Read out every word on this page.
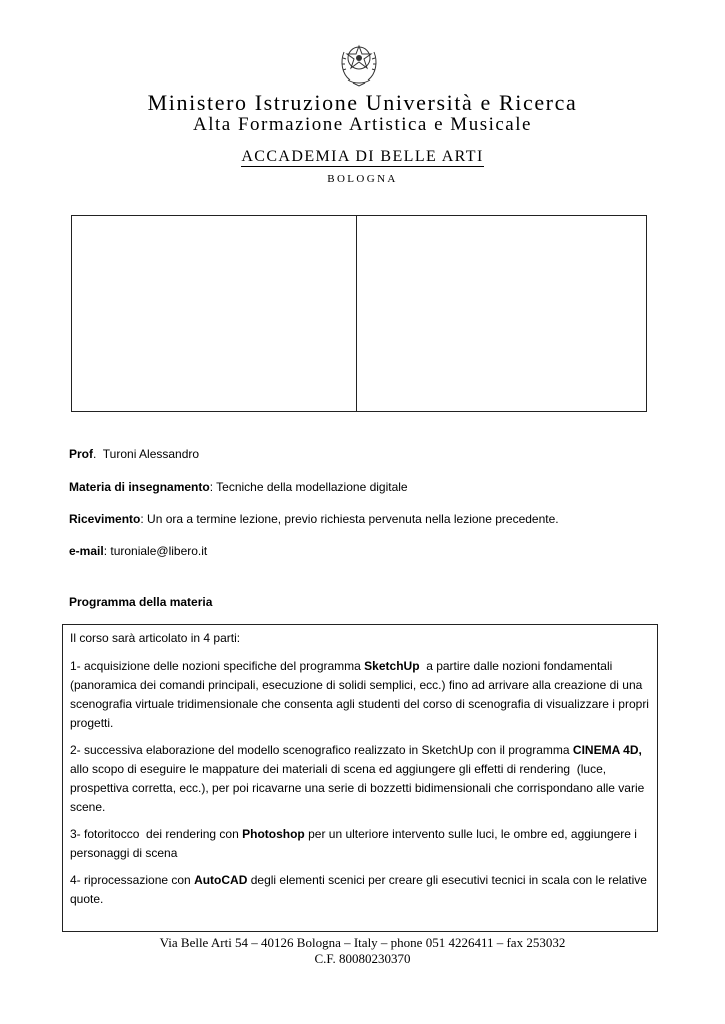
Ministero Istruzione Università e Ricerca
Alta Formazione Artistica e Musicale
ACCADEMIA DI BELLE ARTI
BOLOGNA
Prof.  Turoni Alessandro
Materia di insegnamento: Tecniche della modellazione digitale
Ricevimento: Un ora a termine lezione, previo richiesta pervenuta nella lezione precedente.
e-mail: turoniale@libero.it
Programma della materia

Il corso sarà articolato in 4 parti:

1- acquisizione delle nozioni specifiche del programma SketchUp  a partire dalle nozioni fondamentali (panoramica dei comandi principali, esecuzione di solidi semplici, ecc.) fino ad arrivare alla creazione di una scenografia virtuale tridimensionale che consenta agli studenti del corso di scenografia di visualizzare i propri progetti.

2- successiva elaborazione del modello scenografico realizzato in SketchUp con il programma CINEMA 4D, allo scopo di eseguire le mappature dei materiali di scena ed aggiungere gli effetti di rendering  (luce, prospettiva corretta, ecc.), per poi ricavarne una serie di bozzetti bidimensionali che corrispondano alle varie scene.

3- fotoritocco  dei rendering con Photoshop per un ulteriore intervento sulle luci, le ombre ed, aggiungere i personaggi di scena

4- riprocessazione con AutoCAD degli elementi scenici per creare gli esecutivi tecnici in scala con le relative quote.

Via Belle Arti 54 – 40126 Bologna – Italy – phone 051 4226411 – fax 253032
C.F. 80080230370
